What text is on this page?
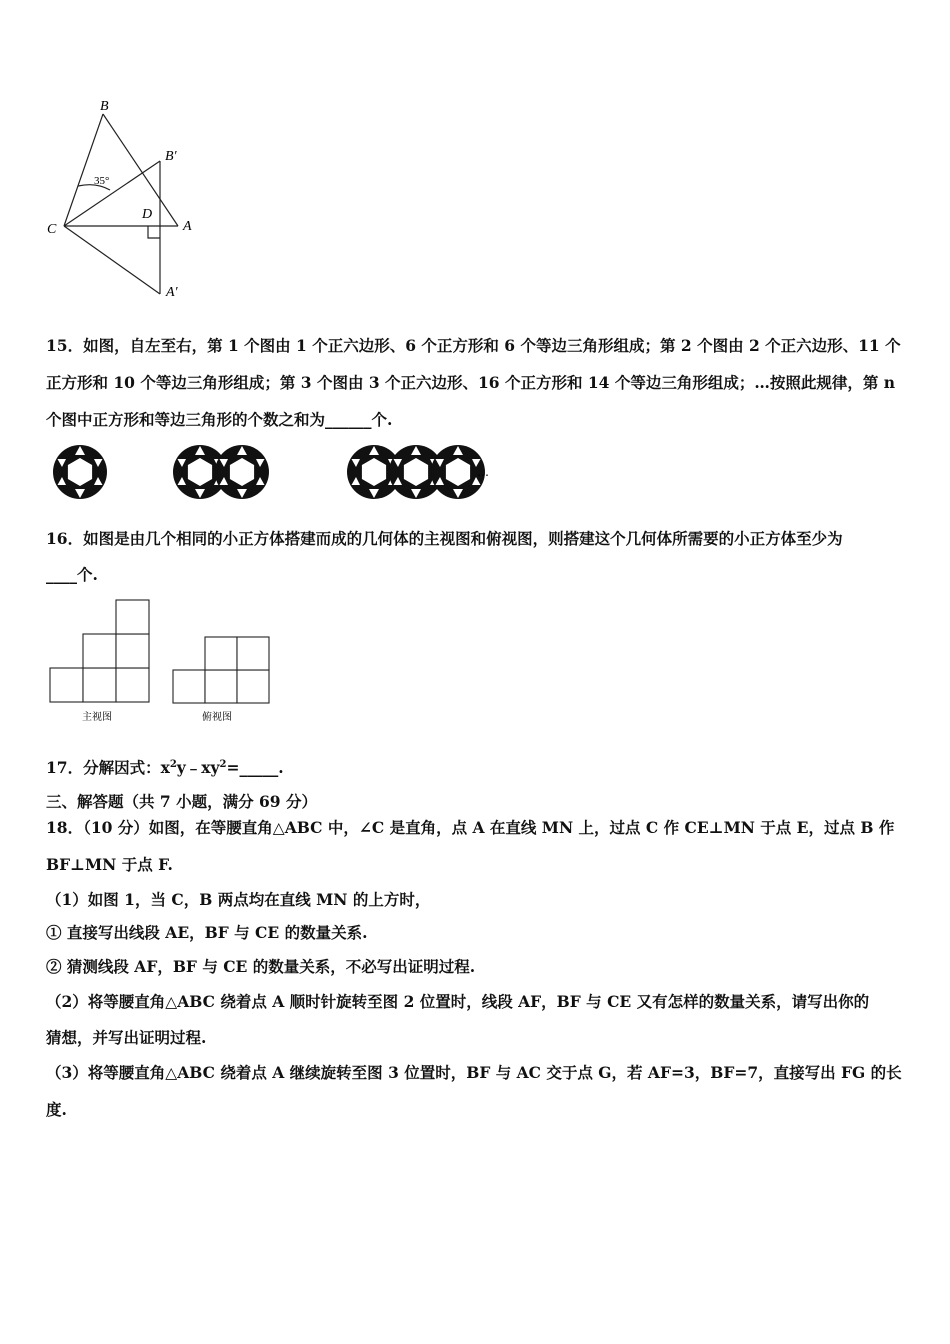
B
B′
C
D
A
A′
35°
15．如图，自左至右，第 1 个图由 1 个正六边形、6 个正方形和 6 个等边三角形组成；第 2 个图由 2 个正六边形、11 个
正方形和 10 个等边三角形组成；第 3 个图由 3 个正六边形、16 个正方形和 14 个等边三角形组成；…按照此规律，第 n
个图中正方形和等边三角形的个数之和为______个.
…
16．如图是由几个相同的小正方体搭建而成的几何体的主视图和俯视图，则搭建这个几何体所需要的小正方体至少为
____个.
主视图	俯视图
17．分解因式：$x^2y﹣xy^2=\_\_\_\_\_$.
三、解答题（共 7 小题，满分 69 分）
18．（10 分）如图，在等腰直角△ABC 中，∠C 是直角，点 A 在直线 MN 上，过点 C 作 CE⊥MN 于点 E，过点 B 作
BF⊥MN 于点 F.
（1）如图 1，当 C，B 两点均在直线 MN 的上方时，
① 直接写出线段 AE，BF 与 CE 的数量关系.
② 猜测线段 AF，BF 与 CE 的数量关系，不必写出证明过程.
（2）将等腰直角△ABC 绕着点 A 顺时针旋转至图 2 位置时，线段 AF，BF 与 CE 又有怎样的数量关系，请写出你的
猜想，并写出证明过程.
（3）将等腰直角△ABC 绕着点 A 继续旋转至图 3 位置时，BF 与 AC 交于点 G，若 AF=3，BF=7，直接写出 FG 的长
度.
